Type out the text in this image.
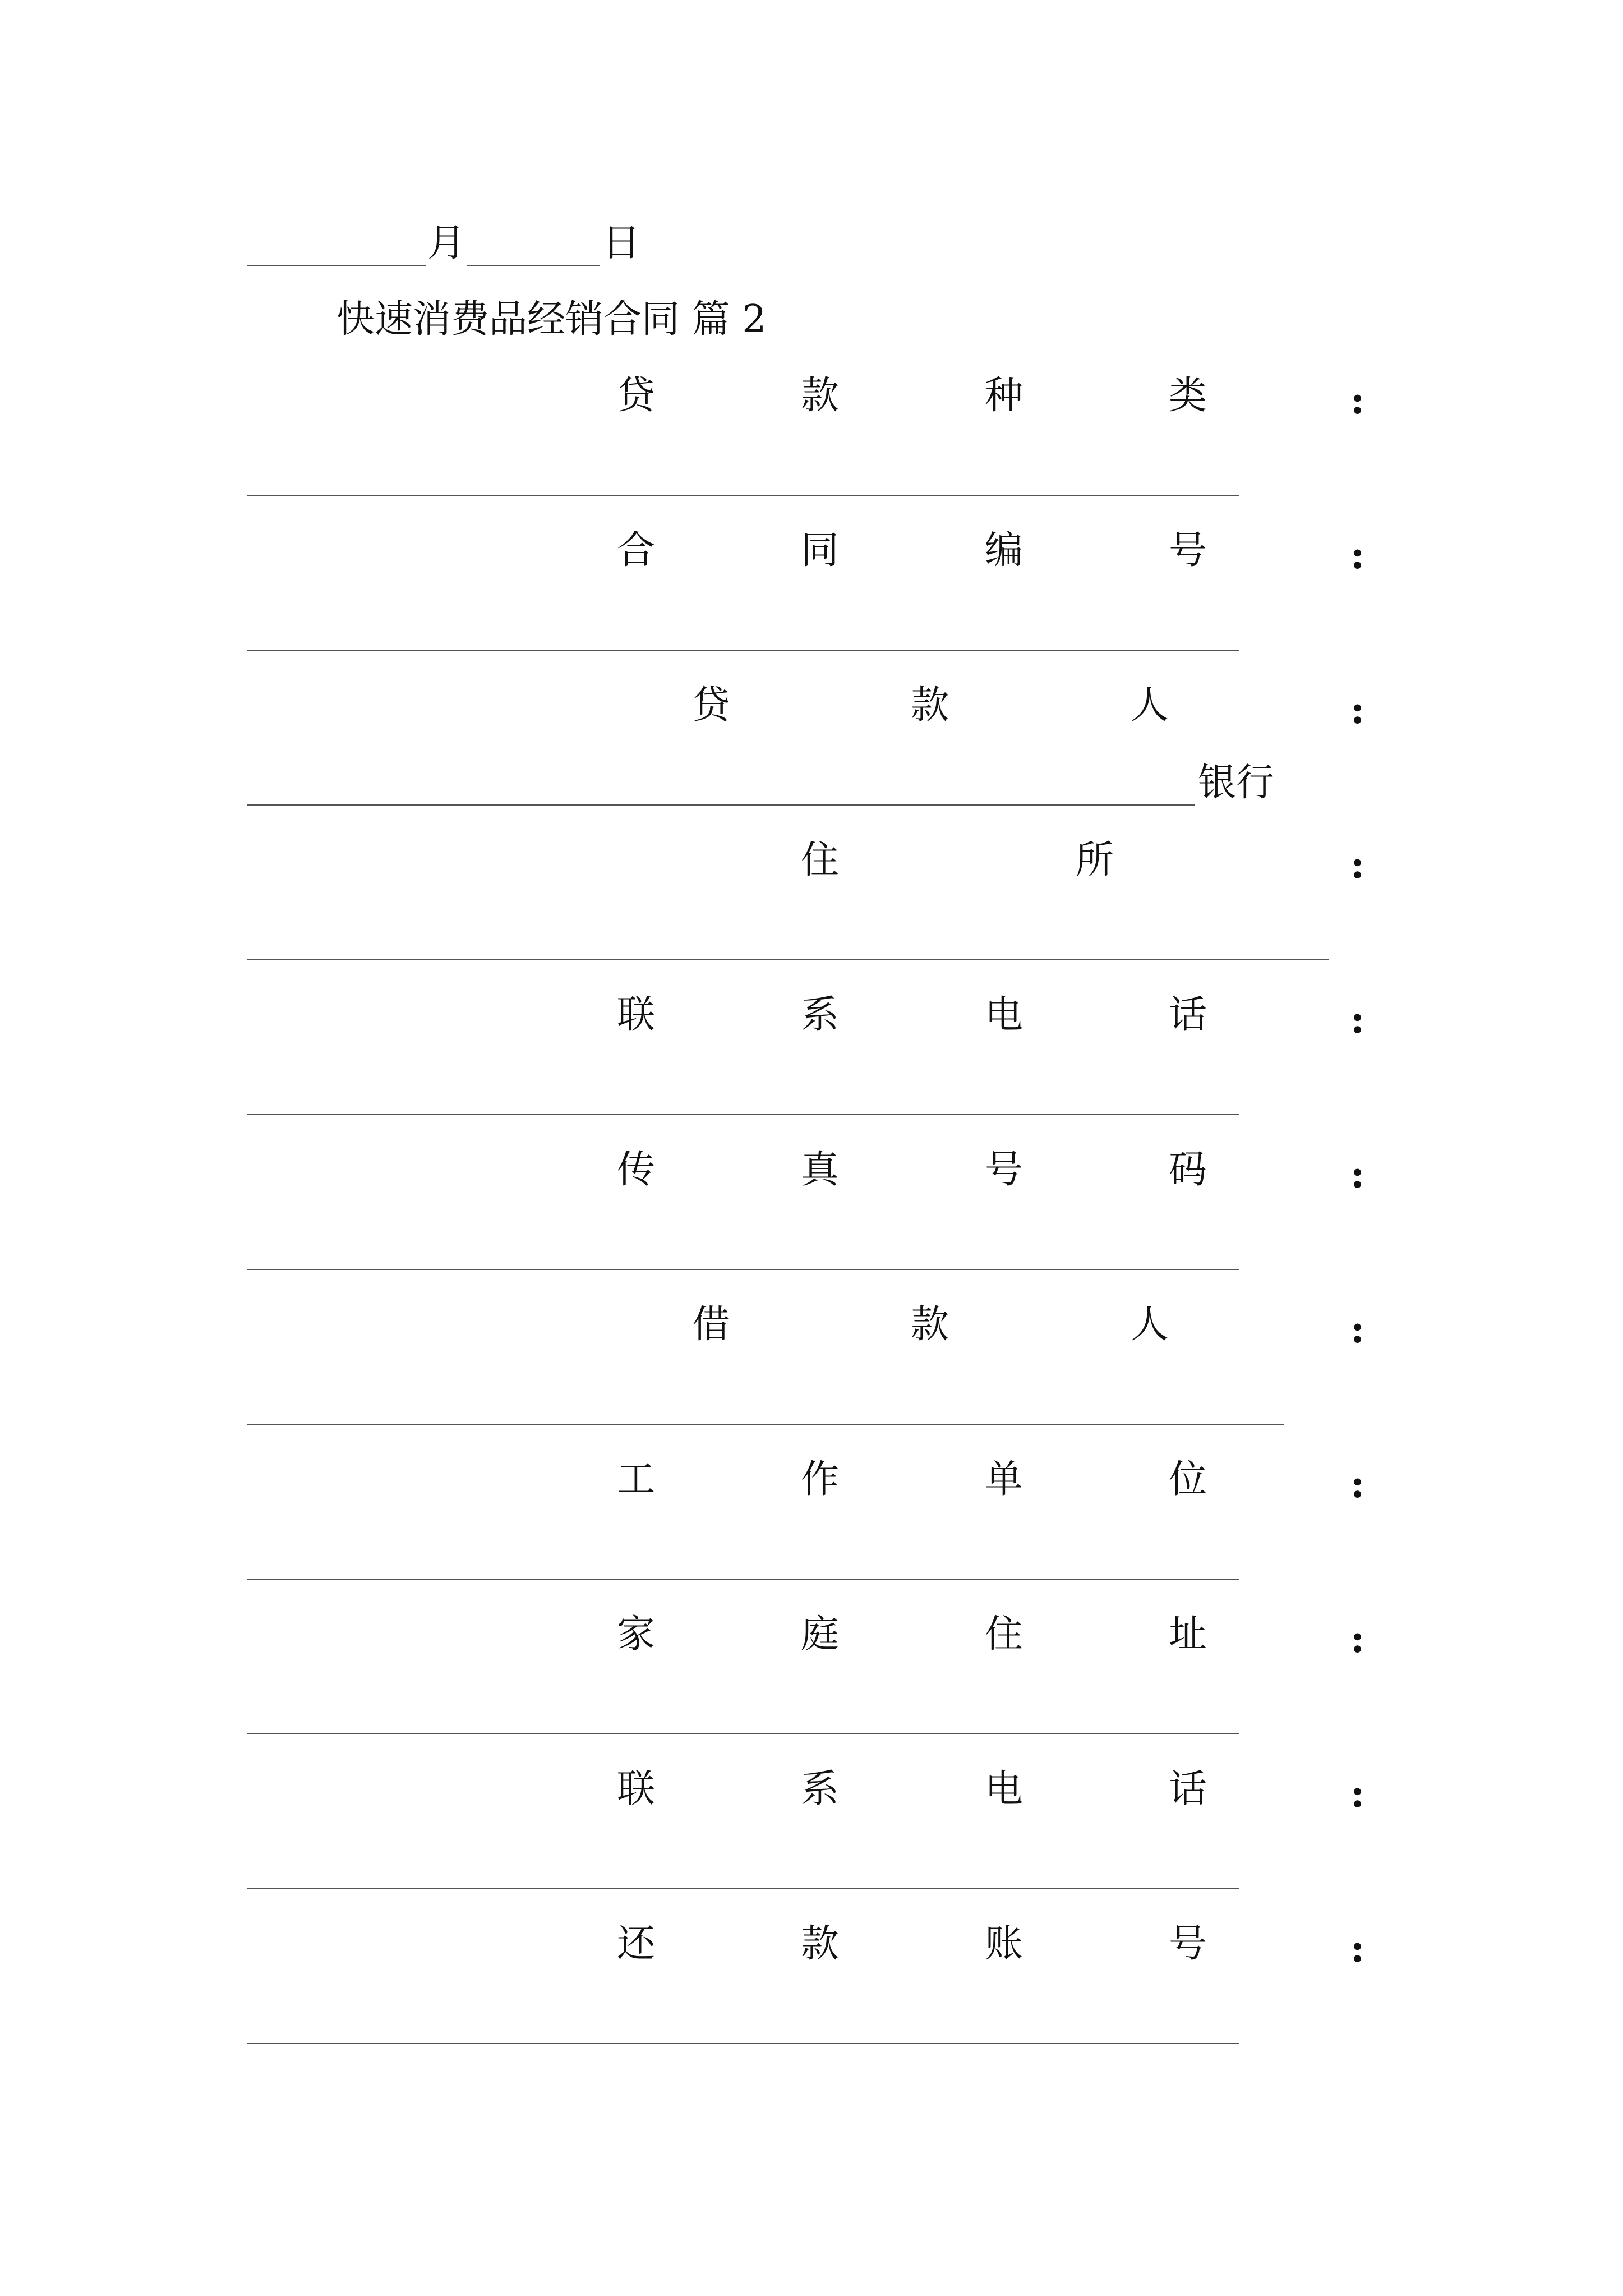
月	日
快速消费品经销合同 篇 2
贷	款	种	类	:
合	同	编	号	:
贷	款	人	:
银行
住	所	:
联	系	电	话	:
传	真	号	码	:
借	款	人	:
工	作	单	位	:
家	庭	住	址	:
联	系	电	话	:
还	款	账	号	:
